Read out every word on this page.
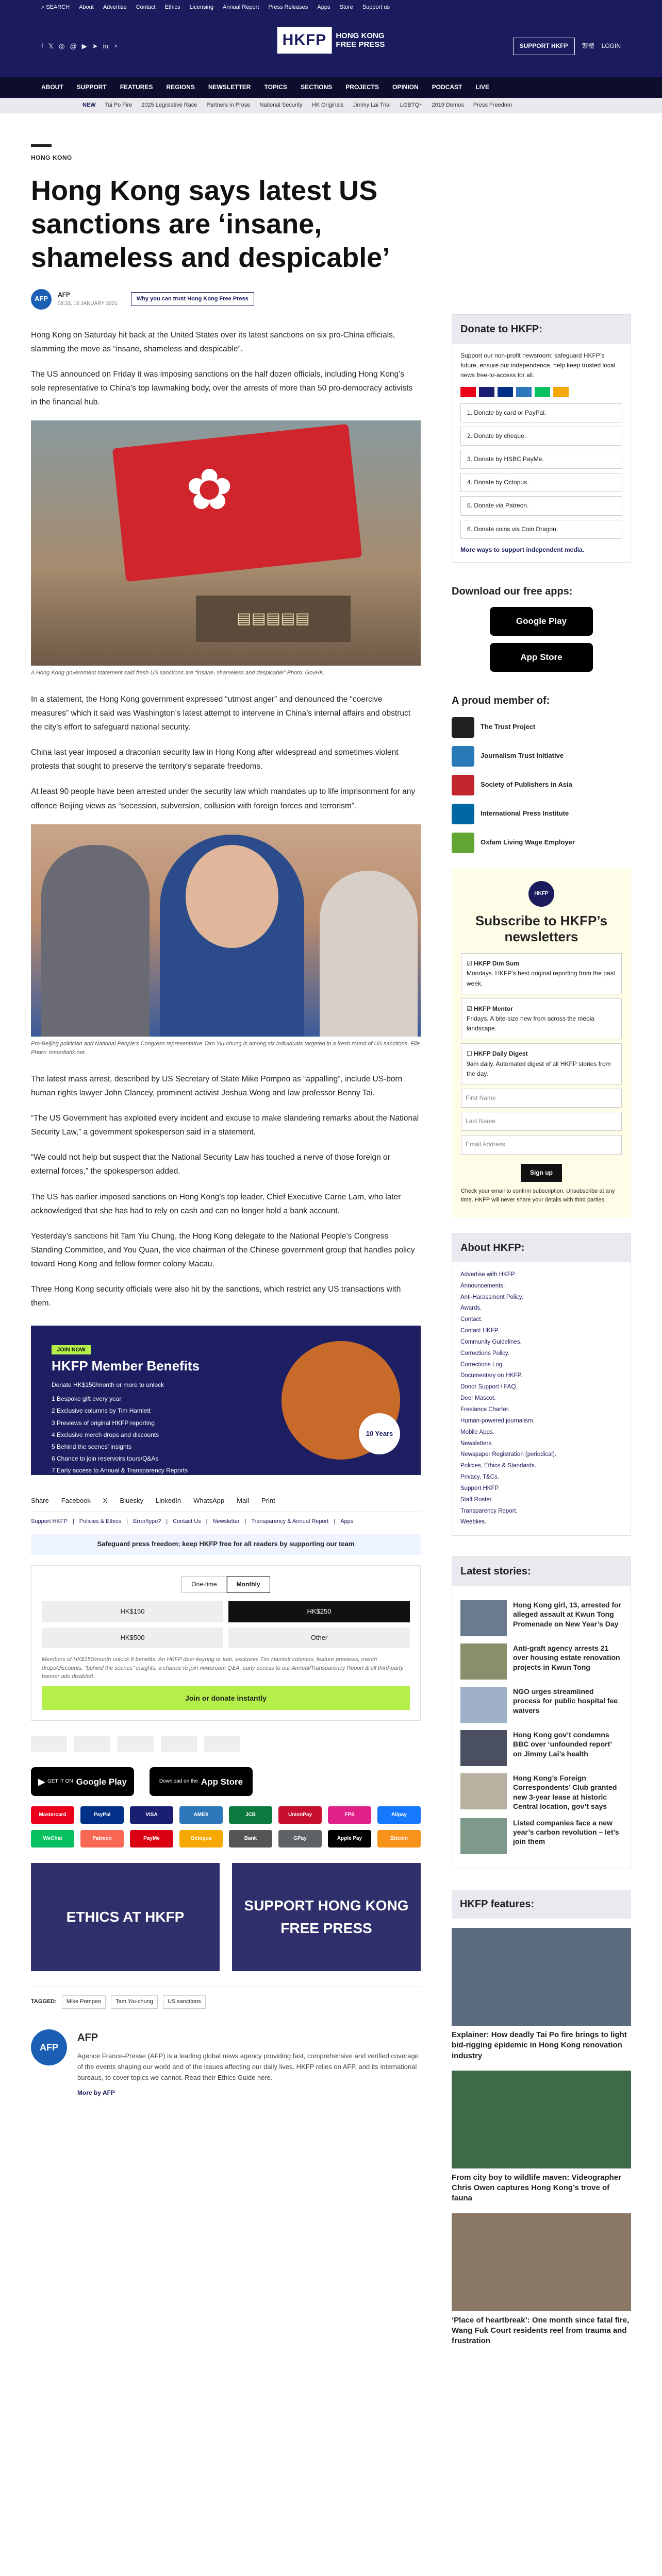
⌕ SEARCH About Advertise Contact Ethics Licensing Annual Report Press Releases Apps Store Support us
f 𝕏 ◎ @ ▶ ➤ in ◔	HKFP	HONG KONG
FREE PRESS	SUPPORT HKFP	繁體 LOGIN
ABOUT SUPPORT FEATURES REGIONS NEWSLETTER TOPICS SECTIONS PROJECTS OPINION PODCAST LIVE
NEW Tai Po Fire 2025 Legislative Race Partners in Prose National Security HK Originals Jimmy Lai Trial LGBTQ+ 2019 Demos Press Freedom
HONG KONG
Hong Kong says latest US sanctions are ‘insane, shameless and despicable’
AFP
AFP
08:33, 16 JANUARY 2021
Why you can trust Hong Kong Free Press

Hong Kong on Saturday hit back at the United States over its latest sanctions on six pro-China officials, slamming the move as “insane, shameless and despicable”.

The US announced on Friday it was imposing sanctions on the half dozen officials, including Hong Kong’s sole representative to China’s top lawmaking body, over the arrests of more than 50 pro-democracy activists in the financial hub.

✿
▤▤▤▤▤
A Hong Kong government statement said fresh US sanctions are “insane, shameless and despicable” Photo: GovHK.

In a statement, the Hong Kong government expressed “utmost anger” and denounced the “coercive measures” which it said was Washington’s latest attempt to intervene in China’s internal affairs and obstruct the city’s effort to safeguard national security.

China last year imposed a draconian security law in Hong Kong after widespread and sometimes violent protests that sought to preserve the territory’s separate freedoms.

At least 90 people have been arrested under the security law which mandates up to life imprisonment for any offence Beijing views as “secession, subversion, collusion with foreign forces and terrorism”.

Pro-Beijing politician and National People’s Congress representative Tam Yiu-chung is among six individuals targeted in a fresh round of US sanctions. File Photo: Inmediahk.net.

The latest mass arrest, described by US Secretary of State Mike Pompeo as “appalling”, include US-born human rights lawyer John Clancey, prominent activist Joshua Wong and law professor Benny Tai.

“The US Government has exploited every incident and excuse to make slandering remarks about the National Security Law,” a government spokesperson said in a statement.

“We could not help but suspect that the National Security Law has touched a nerve of those foreign or external forces,” the spokesperson added.

The US has earlier imposed sanctions on Hong Kong’s top leader, Chief Executive Carrie Lam, who later acknowledged that she has had to rely on cash and can no longer hold a bank account.

Yesterday’s sanctions hit Tam Yiu Chung, the Hong Kong delegate to the National People’s Congress Standing Committee, and You Quan, the vice chairman of the Chinese government group that handles policy toward Hong Kong and fellow former colony Macau.

Three Hong Kong security officials were also hit by the sanctions, which restrict any US transactions with them.

JOIN NOW
HKFP Member Benefits
Donate HK$150/month or more to unlock
1 Bespoke gift every year
2 Exclusive columns by Tim Hamlett
3 Previews of original HKFP reporting
4 Exclusive merch drops and discounts
5 Behind the scenes’ insights
6 Chance to join reservoirs tours/Q&As
7 Early access to Annual & Transparency Reports
8 All third-party banner ads disabled
10 Years
Share Facebook X Bluesky LinkedIn WhatsApp Mail Print
Support HKFP | Policies & Ethics | Error/typo? | Contact Us | Newsletter | Transparency & Annual Report | Apps
Safeguard press freedom; keep HKFP free for all readers by supporting our team
One-time	Monthly
HK$150	HK$250
HK$500	Other
Members of HK$150/month unlock 8 benefits: An HKFP deer keyring or tote, exclusive Tim Hamlett columns, feature previews, merch drops/discounts, “behind the scenes” insights, a chance to join newsroom Q&A, early access to our Annual/Transparency Report & all third-party banner ads disabled.
Join or donate instantly
▶ GET IT ON Google Play	Download on the App Store
Mastercard	PayPal	VISA	AMEX	JCB	UnionPay	FPS	Alipay
WeChat	Patreon	PayMe	Octopus	Bank	GPay	Apple Pay	Bitcoin
ETHICS AT HKFP
SUPPORT HONG KONG FREE PRESS
TAGGED:	Mike Pompeo	Tam Yiu-chung	US sanctions
AFP
AFP
Agence France-Presse (AFP) is a leading global news agency providing fast, comprehensive and verified coverage of the events shaping our world and of the issues affecting our daily lives. HKFP relies on AFP, and its international bureaus, to cover topics we cannot. Read their Ethics Guide here.
More by AFP
Donate to HKFP:
Support our non-profit newsroom: safeguard HKFP’s future, ensure our independence, help keep trusted local news free-to-access for all.
1. Donate by card or PayPal.
2. Donate by cheque.
3. Donate by HSBC PayMe.
4. Donate by Octopus.
5. Donate via Patreon.
6. Donate coins via Coin Dragon.
More ways to support independent media.
Download our free apps:
Google Play
App Store
A proud member of:
The Trust Project
Journalism Trust Initiative
Society of Publishers in Asia
International Press Institute
Oxfam Living Wage Employer
HKFP
Subscribe to HKFP’s newsletters
☑ HKFP Dim Sum
Mondays. HKFP’s best original reporting from the past week.
☑ HKFP Mentor
Fridays. A bite-size new from across the media landscape.
☐ HKFP Daily Digest
9am daily. Automated digest of all HKFP stories from the day.
First Name
Last Name
Email Address
Sign up
Check your email to confirm subscription. Unsubscribe at any time. HKFP will never share your details with third parties.
About HKFP:
Advertise with HKFP.
Announcements.
Anti-Harassment Policy.
Awards.
Contact.
Contact HKFP.
Community Guidelines.
Corrections Policy.
Corrections Log.
Documentary on HKFP.
Donor Support / FAQ.
Deer Mascot.
Freelance Charter.
Human-powered journalism.
Mobile Apps.
Newsletters.
Newspaper Registration (periodical).
Policies, Ethics & Standards.
Privacy, T&Cs.
Support HKFP.
Staff Roster.
Transparency Report.
Weeblies.
Latest stories:

Hong Kong girl, 13, arrested for alleged assault at Kwun Tong Promenade on New Year’s Day

Anti-graft agency arrests 21 over housing estate renovation projects in Kwun Tong

NGO urges streamlined process for public hospital fee waivers

Hong Kong gov’t condemns BBC over ‘unfounded report’ on Jimmy Lai’s health

Hong Kong’s Foreign Correspondents’ Club granted new 3-year lease at historic Central location, gov’t says

Listed companies face a new year’s carbon revolution – let’s join them

HKFP features:

Explainer: How deadly Tai Po fire brings to light bid-rigging epidemic in Hong Kong renovation industry

From city boy to wildlife maven: Videographer Chris Owen captures Hong Kong’s trove of fauna

‘Place of heartbreak’: One month since fatal fire, Wang Fuk Court residents reel from trauma and frustration
